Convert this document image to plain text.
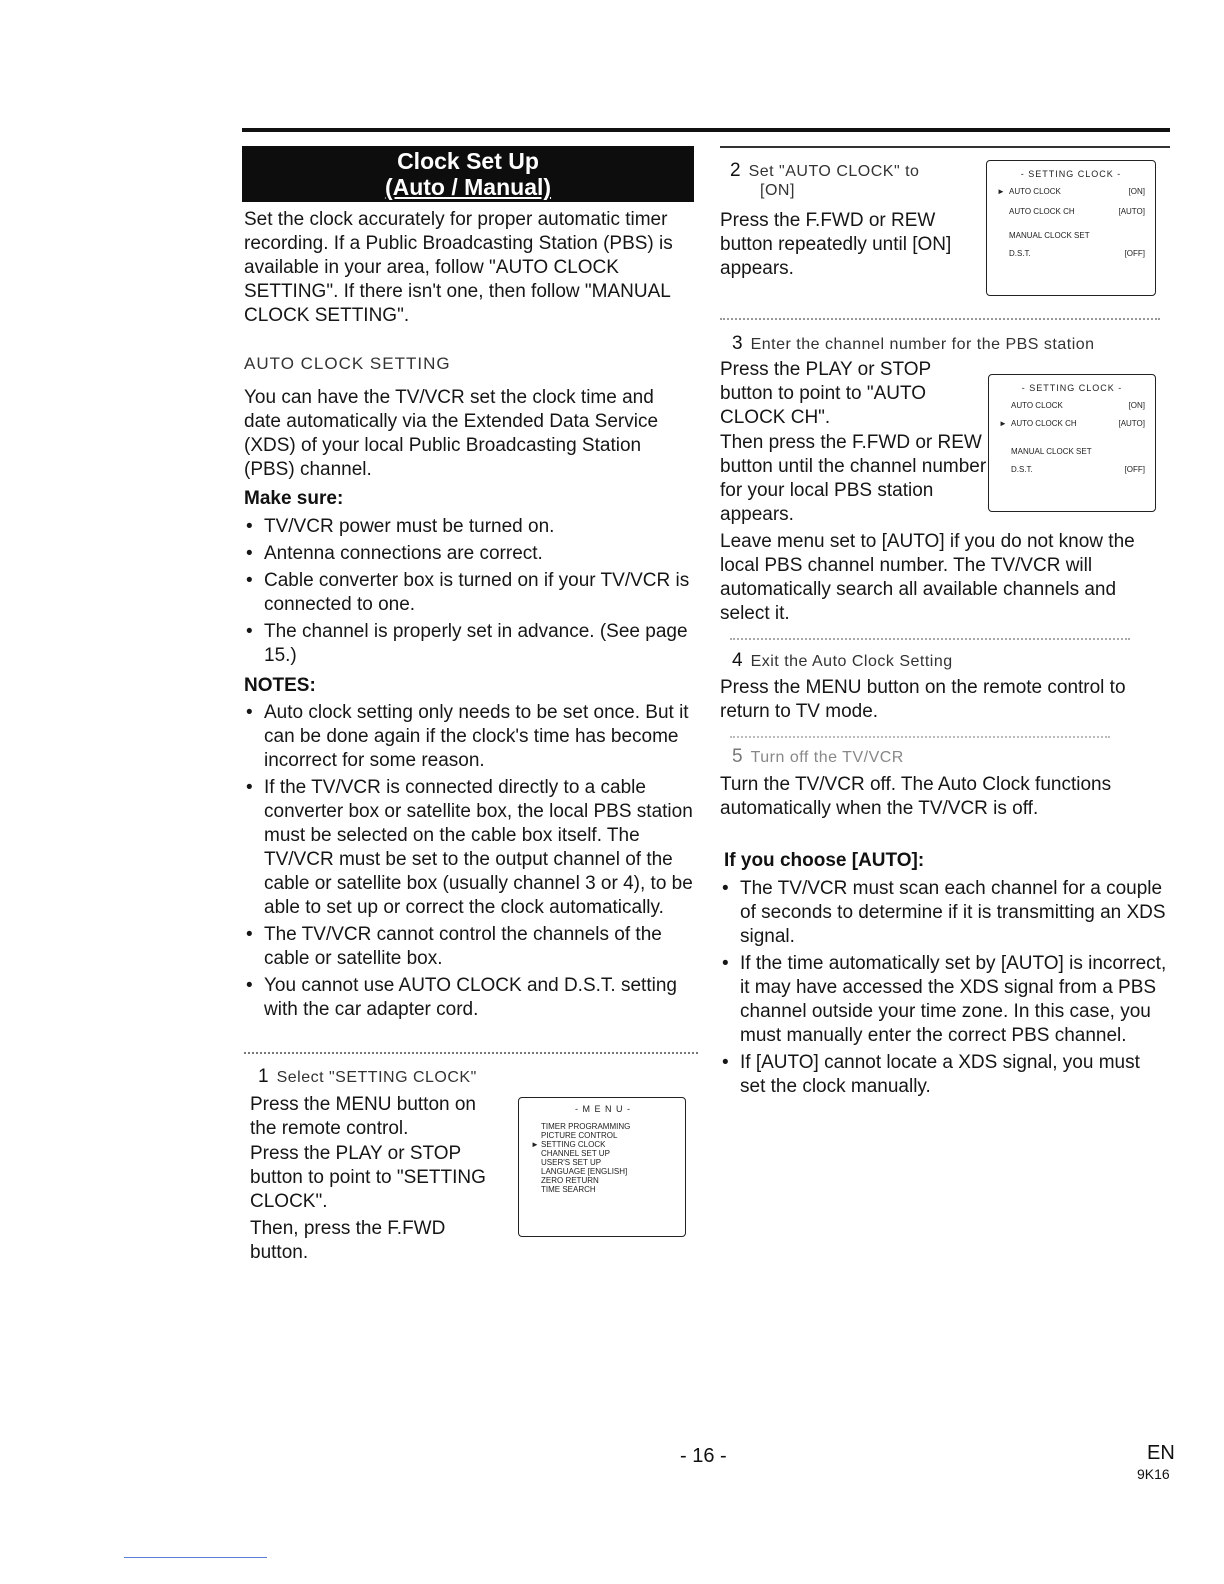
Clock Set Up
(Auto / Manual)
Set the clock accurately for proper automatic timer recording. If a Public Broadcasting Station (PBS) is available in your area, follow "AUTO CLOCK SETTING". If there isn't one, then follow "MANUAL CLOCK SETTING".
AUTO CLOCK SETTING
You can have the TV/VCR set the clock time and date automatically via the Extended Data Service (XDS) of your local Public Broadcasting Station (PBS) channel.
Make sure:
• TV/VCR power must be turned on.
• Antenna connections are correct.
• Cable converter box is turned on if your TV/VCR is connected to one.
• The channel is properly set in advance. (See page 15.)
NOTES:
• Auto clock setting only needs to be set once. But it can be done again if the clock's time has become incorrect for some reason.
• If the TV/VCR is connected directly to a cable converter box or satellite box, the local PBS station must be selected on the cable box itself. The TV/VCR must be set to the output channel of the cable or satellite box (usually channel 3 or 4), to be able to set up or correct the clock automatically.
• The TV/VCR cannot control the channels of the cable or satellite box.
• You cannot use AUTO CLOCK and D.S.T. setting with the car adapter cord.
1 Select "SETTING CLOCK"
Press the MENU button on the remote control.
Press the PLAY or STOP button to point to "SETTING CLOCK".
Then, press the F.FWD button.
- M E N U -
TIMER PROGRAMMING
PICTURE CONTROL
► SETTING CLOCK
CHANNEL SET UP
USER'S SET UP
LANGUAGE [ENGLISH]
ZERO RETURN
TIME SEARCH
2 Set "AUTO CLOCK" to
[ON]
Press the F.FWD or REW button repeatedly until [ON] appears.
- SETTING CLOCK -
► AUTO CLOCK	[ON]
AUTO CLOCK CH	[AUTO]
MANUAL CLOCK SET
D.S.T.	[OFF]
3 Enter the channel number for the PBS station
Press the PLAY or STOP button to point to "AUTO CLOCK CH".
Then press the F.FWD or REW button until the channel number for your local PBS station appears.
Leave menu set to [AUTO] if you do not know the local PBS channel number. The TV/VCR will automatically search all available channels and select it.
- SETTING CLOCK -
AUTO CLOCK	[ON]
► AUTO CLOCK CH	[AUTO]
MANUAL CLOCK SET
D.S.T.	[OFF]
4 Exit the Auto Clock Setting
Press the MENU button on the remote control to return to TV mode.
5 Turn off the TV/VCR
Turn the TV/VCR off. The Auto Clock functions automatically when the TV/VCR is off.
If you choose [AUTO]:
• The TV/VCR must scan each channel for a couple of seconds to determine if it is transmitting an XDS signal.
• If the time automatically set by [AUTO] is incorrect, it may have accessed the XDS signal from a PBS channel outside your time zone. In this case, you must manually enter the correct PBS channel.
• If [AUTO] cannot locate a XDS signal, you must set the clock manually.
- 16 -	EN
9K16
